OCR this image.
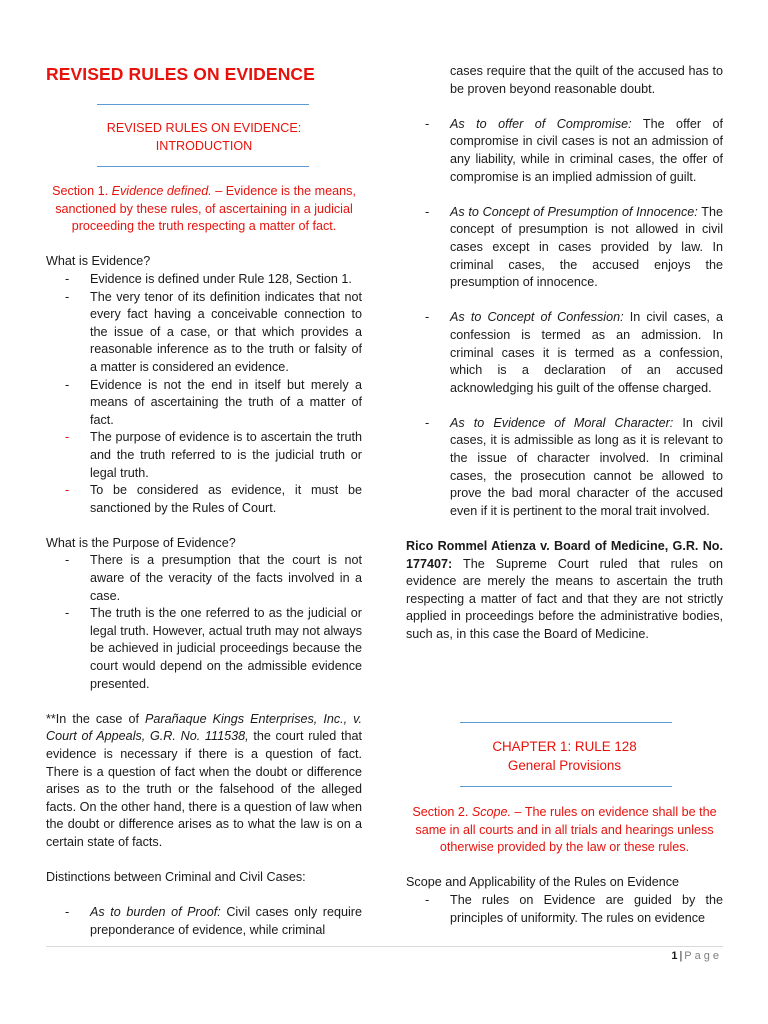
REVISED RULES ON EVIDENCE
REVISED RULES ON EVIDENCE:
INTRODUCTION
Section 1. Evidence defined. – Evidence is the means, sanctioned by these rules, of ascertaining in a judicial proceeding the truth respecting a matter of fact.
What is Evidence?
- Evidence is defined under Rule 128, Section 1.
- The very tenor of its definition indicates that not every fact having a conceivable connection to the issue of a case, or that which provides a reasonable inference as to the truth or falsity of a matter is considered an evidence.
- Evidence is not the end in itself but merely a means of ascertaining the truth of a matter of fact.
- The purpose of evidence is to ascertain the truth and the truth referred to is the judicial truth or legal truth.
- To be considered as evidence, it must be sanctioned by the Rules of Court.
What is the Purpose of Evidence?
- There is a presumption that the court is not aware of the veracity of the facts involved in a case.
- The truth is the one referred to as the judicial or legal truth. However, actual truth may not always be achieved in judicial proceedings because the court would depend on the admissible evidence presented.
**In the case of Parañaque Kings Enterprises, Inc., v. Court of Appeals, G.R. No. 111538, the court ruled that evidence is necessary if there is a question of fact. There is a question of fact when the doubt or difference arises as to the truth or the falsehood of the alleged facts. On the other hand, there is a question of law when the doubt or difference arises as to what the law is on a certain state of facts.
Distinctions between Criminal and Civil Cases:
- As to burden of Proof: Civil cases only require preponderance of evidence, while criminal
cases require that the quilt of the accused has to be proven beyond reasonable doubt.
- As to offer of Compromise: The offer of compromise in civil cases is not an admission of any liability, while in criminal cases, the offer of compromise is an implied admission of guilt.
- As to Concept of Presumption of Innocence: The concept of presumption is not allowed in civil cases except in cases provided by law. In criminal cases, the accused enjoys the presumption of innocence.
- As to Concept of Confession: In civil cases, a confession is termed as an admission. In criminal cases it is termed as a confession, which is a declaration of an accused acknowledging his guilt of the offense charged.
- As to Evidence of Moral Character: In civil cases, it is admissible as long as it is relevant to the issue of character involved. In criminal cases, the prosecution cannot be allowed to prove the bad moral character of the accused even if it is pertinent to the moral trait involved.
Rico Rommel Atienza v. Board of Medicine, G.R. No. 177407: The Supreme Court ruled that rules on evidence are merely the means to ascertain the truth respecting a matter of fact and that they are not strictly applied in proceedings before the administrative bodies, such as, in this case the Board of Medicine.
CHAPTER 1: RULE 128
General Provisions
Section 2. Scope. – The rules on evidence shall be the same in all courts and in all trials and hearings unless otherwise provided by the law or these rules.
Scope and Applicability of the Rules on Evidence
- The rules on Evidence are guided by the principles of uniformity. The rules on evidence
1 | Page
